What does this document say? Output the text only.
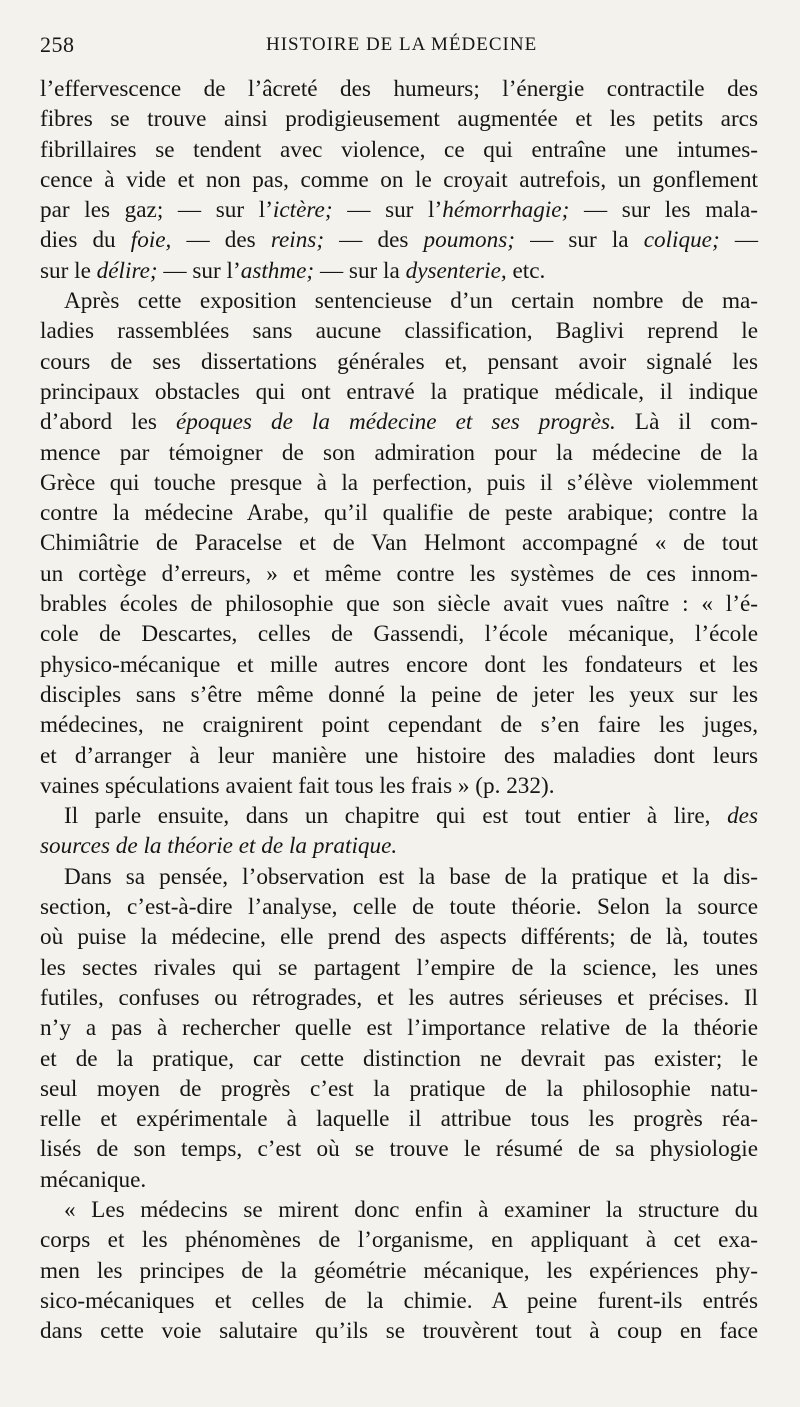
258	HISTOIRE DE LA MÉDECINE
l’effervescence de l’âcreté des humeurs; l’énergie contractile des
fibres se trouve ainsi prodigieusement augmentée et les petits arcs
fibrillaires se tendent avec violence, ce qui entraîne une intumes-
cence à vide et non pas, comme on le croyait autrefois, un gonflement
par les gaz; — sur l’ictère; — sur l’hémorrhagie; — sur les mala-
dies du foie, — des reins; — des poumons; — sur la colique; —
sur le délire; — sur l’asthme; — sur la dysenterie, etc.
Après cette exposition sentencieuse d’un certain nombre de ma-
ladies rassemblées sans aucune classification, Baglivi reprend le
cours de ses dissertations générales et, pensant avoir signalé les
principaux obstacles qui ont entravé la pratique médicale, il indique
d’abord les époques de la médecine et ses progrès. Là il com-
mence par témoigner de son admiration pour la médecine de la
Grèce qui touche presque à la perfection, puis il s’élève violemment
contre la médecine Arabe, qu’il qualifie de peste arabique; contre la
Chimiâtrie de Paracelse et de Van Helmont accompagné « de tout
un cortège d’erreurs, » et même contre les systèmes de ces innom-
brables écoles de philosophie que son siècle avait vues naître : « l’é-
cole de Descartes, celles de Gassendi, l’école mécanique, l’école
physico-mécanique et mille autres encore dont les fondateurs et les
disciples sans s’être même donné la peine de jeter les yeux sur les
médecines, ne craignirent point cependant de s’en faire les juges,
et d’arranger à leur manière une histoire des maladies dont leurs
vaines spéculations avaient fait tous les frais » (p. 232).
Il parle ensuite, dans un chapitre qui est tout entier à lire, des
sources de la théorie et de la pratique.
Dans sa pensée, l’observation est la base de la pratique et la dis-
section, c’est-à-dire l’analyse, celle de toute théorie. Selon la source
où puise la médecine, elle prend des aspects différents; de là, toutes
les sectes rivales qui se partagent l’empire de la science, les unes
futiles, confuses ou rétrogrades, et les autres sérieuses et précises. Il
n’y a pas à rechercher quelle est l’importance relative de la théorie
et de la pratique, car cette distinction ne devrait pas exister; le
seul moyen de progrès c’est la pratique de la philosophie natu-
relle et expérimentale à laquelle il attribue tous les progrès réa-
lisés de son temps, c’est où se trouve le résumé de sa physiologie
mécanique.
« Les médecins se mirent donc enfin à examiner la structure du
corps et les phénomènes de l’organisme, en appliquant à cet exa-
men les principes de la géométrie mécanique, les expériences phy-
sico-mécaniques et celles de la chimie. A peine furent-ils entrés
dans cette voie salutaire qu’ils se trouvèrent tout à coup en face
